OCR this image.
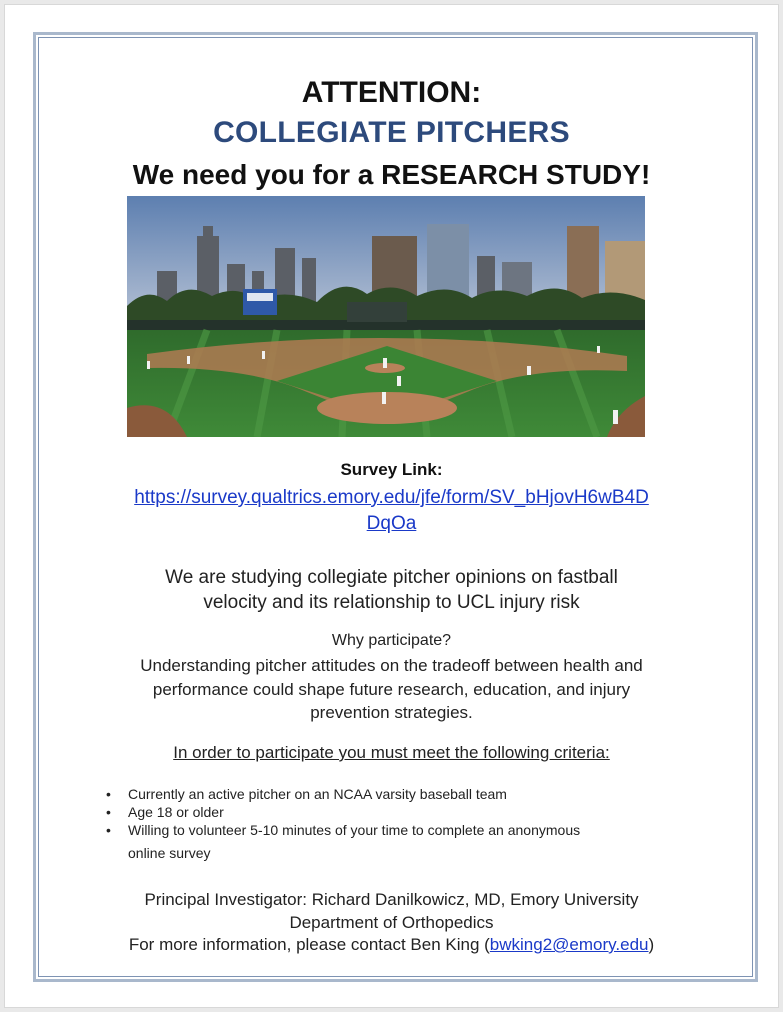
ATTENTION:
COLLEGIATE PITCHERS
We need you for a RESEARCH STUDY!
Survey Link:
https://survey.qualtrics.emory.edu/jfe/form/SV_bHjovH6wB4D
DqOa
We are studying collegiate pitcher opinions on fastball
velocity and its relationship to UCL injury risk
Why participate?
Understanding pitcher attitudes on the tradeoff between health and
performance could shape future research, education, and injury
prevention strategies.
In order to participate you must meet the following criteria:
• Currently an active pitcher on an NCAA varsity baseball team
• Age 18 or older
• Willing to volunteer 5-10 minutes of your time to complete an anonymous
online survey
Principal Investigator: Richard Danilkowicz, MD, Emory University
Department of Orthopedics
For more information, please contact Ben King (bwking2@emory.edu)
